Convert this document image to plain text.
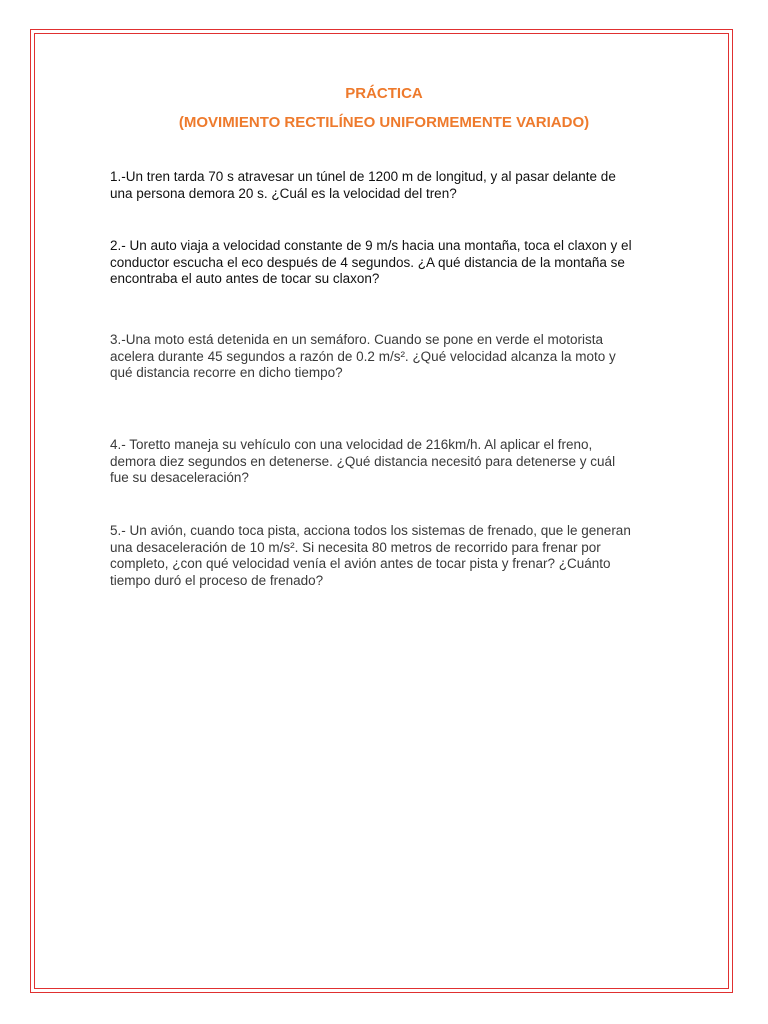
PRÁCTICA
(MOVIMIENTO RECTILÍNEO UNIFORMEMENTE VARIADO)
1.-Un tren tarda 70 s atravesar un túnel de 1200 m de longitud, y al pasar delante de
una persona demora 20 s. ¿Cuál es la velocidad del tren?
2.- Un auto viaja a velocidad constante de 9 m/s hacia una montaña, toca el claxon y el
conductor escucha el eco después de 4 segundos. ¿A qué distancia de la montaña se
encontraba el auto antes de tocar su claxon?
3.-Una moto está detenida en un semáforo. Cuando se pone en verde el motorista
acelera durante 45 segundos a razón de 0.2 m/s². ¿Qué velocidad alcanza la moto y
qué distancia recorre en dicho tiempo?
4.- Toretto maneja su vehículo con una velocidad de 216km/h. Al aplicar el freno,
demora diez segundos en detenerse. ¿Qué distancia necesitó para detenerse y cuál
fue su desaceleración?
5.- Un avión, cuando toca pista, acciona todos los sistemas de frenado, que le generan
una desaceleración de 10 m/s². Si necesita 80 metros de recorrido para frenar por
completo, ¿con qué velocidad venía el avión antes de tocar pista y frenar? ¿Cuánto
tiempo duró el proceso de frenado?
